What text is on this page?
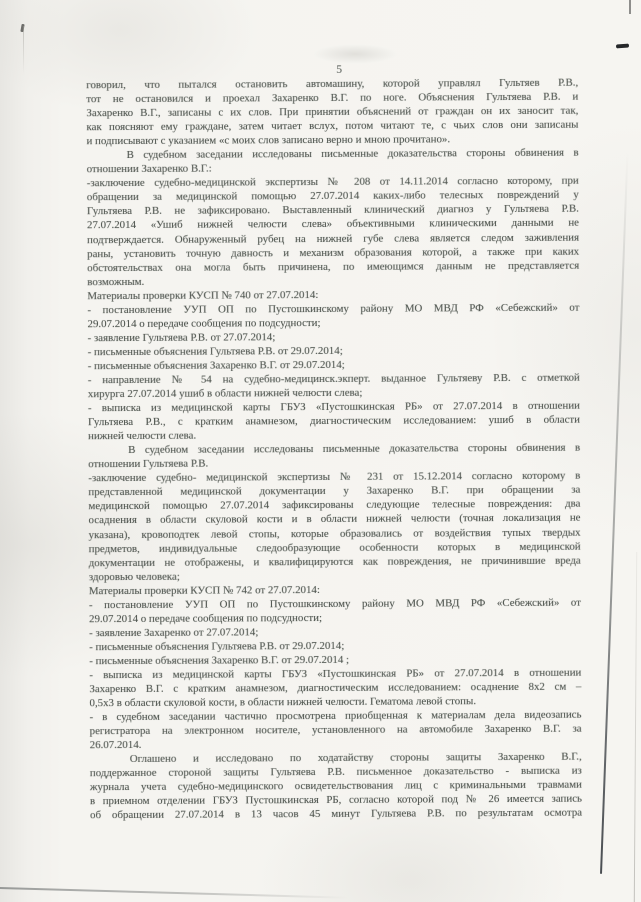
5
говорил, что пытался остановить автомашину, которой управлял Гультяев Р.В.,
тот не остановился и проехал Захаренко В.Г. по ноге. Объяснения Гультяева Р.В. и
Захаренко В.Г., записаны с их слов. При принятии объяснений от граждан он их заносит так,
как поясняют ему граждане, затем читает вслух, потом читают те, с чьих слов они записаны
и подписывают с указанием «с моих слов записано верно и мною прочитано».
В судебном заседании исследованы письменные доказательства стороны обвинения в
отношении Захаренко В.Г.:
-заключение судебно-медицинской экспертизы № 208 от 14.11.2014 согласно которому, при
обращении за медицинской помощью 27.07.2014 каких-либо телесных повреждений у
Гультяева Р.В. не зафиксировано. Выставленный клинический диагноз у Гультяева Р.В.
27.07.2014 «Ушиб нижней челюсти слева» объективными клиническими данными не
подтверждается. Обнаруженный рубец на нижней губе слева является следом заживления
раны, установить точную давность и механизм образования которой, а также при каких
обстоятельствах она могла быть причинена, по имеющимся данным не представляется
возможным.
Материалы проверки КУСП № 740 от 27.07.2014:
- постановление УУП ОП по Пустошкинскому району МО МВД РФ «Себежский» от
29.07.2014 о передаче сообщения по подсудности;
- заявление Гультяева Р.В. от 27.07.2014;
- письменные объяснения Гультяева Р.В. от 29.07.2014;
- письменные объяснения Захаренко В.Г. от 29.07.2014;
- направление № 54 на судебно-медицинск.экперт. выданное Гультяеву Р.В. с отметкой
хирурга 27.07.2014 ушиб в области нижней челюсти слева;
- выписка из медицинской карты ГБУЗ «Пустошкинская РБ» от 27.07.2014 в отношении
Гультяева Р.В., с кратким анамнезом, диагностическим исследованием: ушиб в области
нижней челюсти слева.
В судебном заседании исследованы письменные доказательства стороны обвинения в
отношении Гультяева Р.В.
-заключение судебно- медицинской экспертизы № 231 от 15.12.2014 согласно которому в
представленной медицинской документации у Захаренко В.Г. при обращении за
медицинской помощью 27.07.2014 зафиксированы следующие телесные повреждения: два
осаднения в области скуловой кости и в области нижней челюсти (точная локализация не
указана), кровоподтек левой стопы, которые образовались от воздействия тупых твердых
предметов, индивидуальные следообразующие особенности которых в медицинской
документации не отображены, и квалифицируются как повреждения, не причинившие вреда
здоровью человека;
Материалы проверки КУСП № 742 от 27.07.2014:
- постановление УУП ОП по Пустошкинскому району МО МВД РФ «Себежский» от
29.07.2014 о передаче сообщения по подсудности;
- заявление Захаренко от 27.07.2014;
- письменные объяснения Гультяева Р.В. от 29.07.2014;
- письменные объяснения Захаренко В.Г. от 29.07.2014 ;
- выписка из медицинской карты ГБУЗ «Пустошкинская РБ» от 27.07.2014 в отношении
Захаренко В.Г. с кратким анамнезом, диагностическим исследованием: осаднение 8х2 см –
0,5х3 в области скуловой кости, в области нижней челюсти. Гематома левой стопы.
- в судебном заседании частично просмотрена приобщенная к материалам дела видеозапись
регистратора на электронном носителе, установленного на автомобиле Захаренко В.Г. за
26.07.2014.
Оглашено и исследовано по ходатайству стороны защиты Захаренко В.Г.,
поддержанное стороной защиты Гультяева Р.В. письменное доказательство - выписка из
журнала учета судебно-медицинского освидетельствования лиц с криминальными травмами
в приемном отделении ГБУЗ Пустошкинская РБ, согласно которой под № 26 имеется запись
об обращении 27.07.2014 в 13 часов 45 минут Гультяева Р.В. по результатам осмотра
